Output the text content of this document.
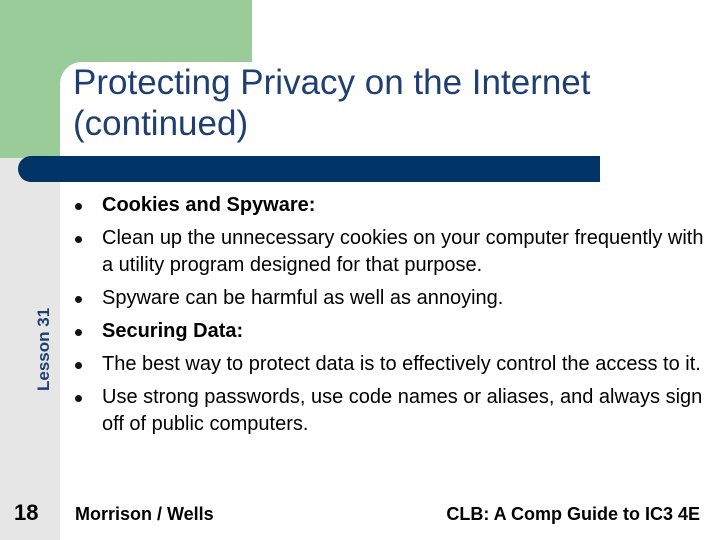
Protecting Privacy on the Internet
(continued)
Lesson 31
Cookies and Spyware:
Clean up the unnecessary cookies on your computer frequently with a utility program designed for that purpose.
Spyware can be harmful as well as annoying.
Securing Data:
The best way to protect data is to effectively control the access to it.
Use strong passwords, use code names or aliases, and always sign off of public computers.
18 Morrison / Wells	CLB: A Comp Guide to IC3 4E
